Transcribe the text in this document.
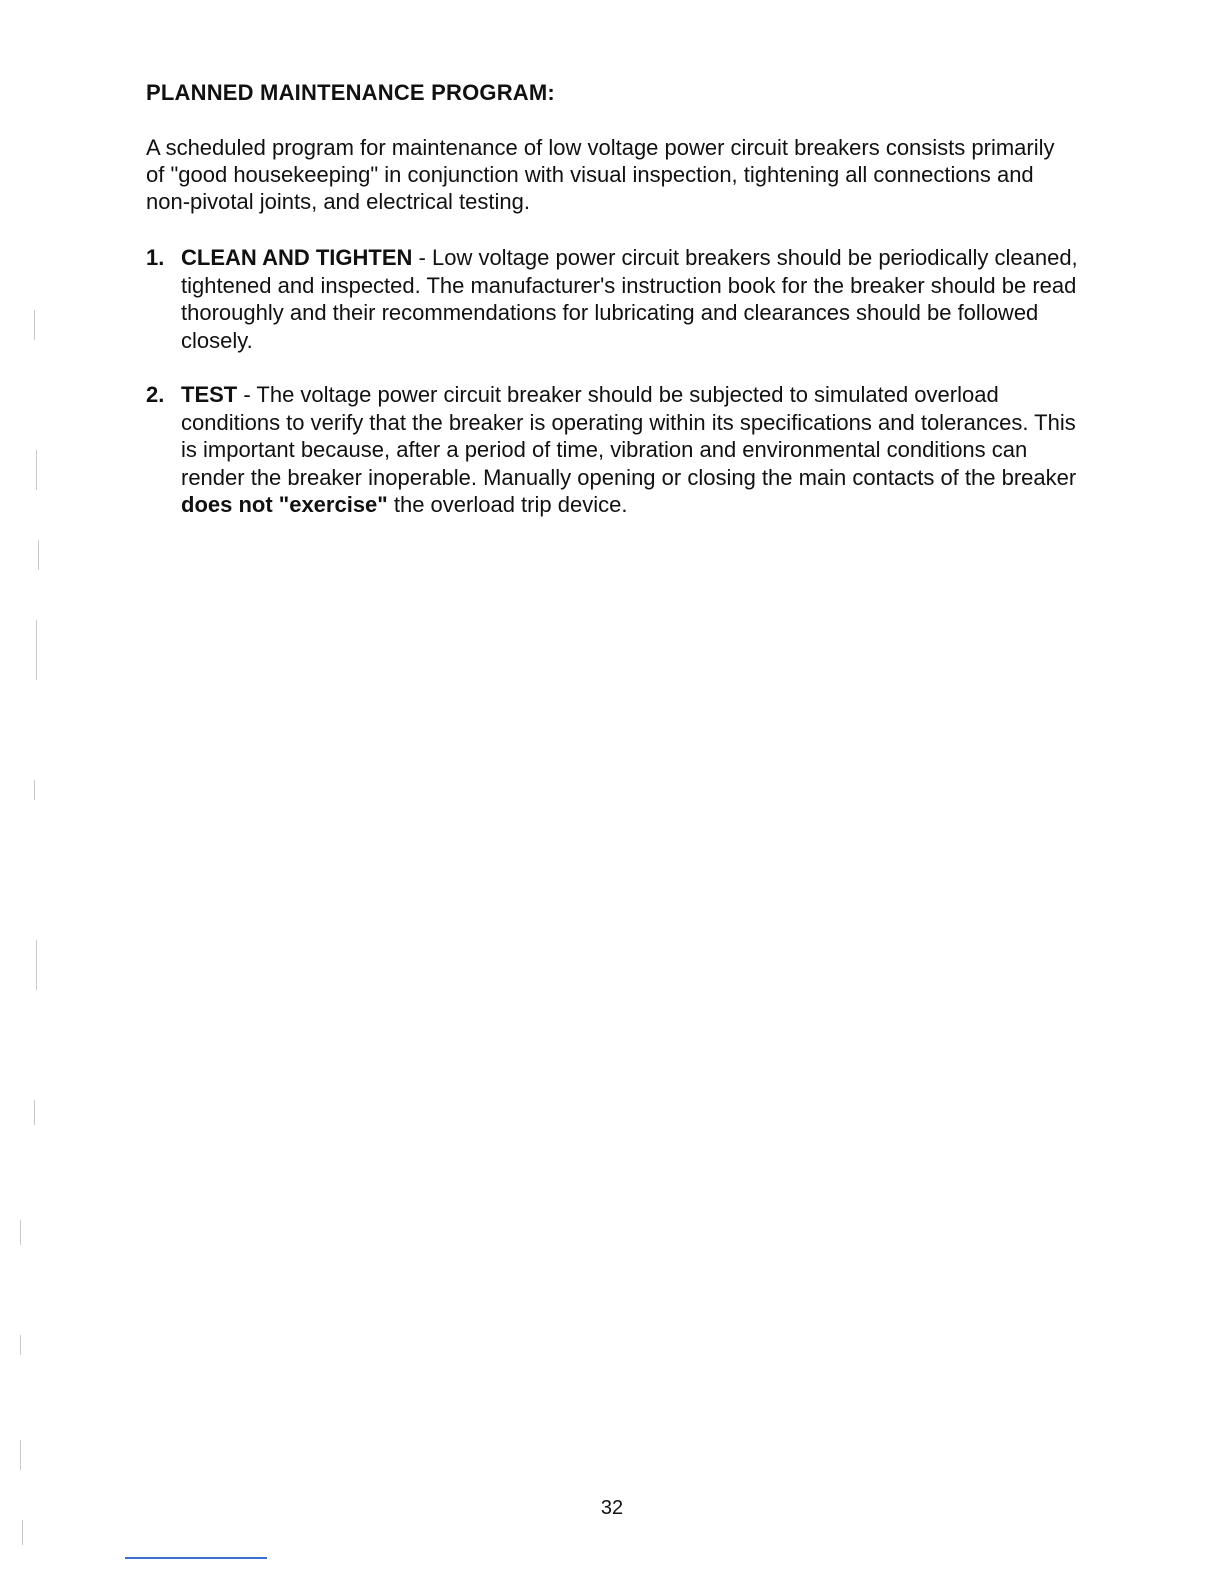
PLANNED MAINTENANCE PROGRAM:

A scheduled program for maintenance of low voltage power circuit breakers consists primarily of "good housekeeping" in conjunction with visual inspection, tightening all connections and non-pivotal joints, and electrical testing.

1. CLEAN AND TIGHTEN - Low voltage power circuit breakers should be periodically cleaned, tightened and inspected. The manufacturer's instruction book for the breaker should be read thoroughly and their recommendations for lubricating and clearances should be followed closely.
2. TEST - The voltage power circuit breaker should be subjected to simulated overload conditions to verify that the breaker is operating within its specifications and tolerances. This is important because, after a period of time, vibration and environmental conditions can render the breaker inoperable. Manually opening or closing the main contacts of the breaker does not "exercise" the overload trip device.
32
